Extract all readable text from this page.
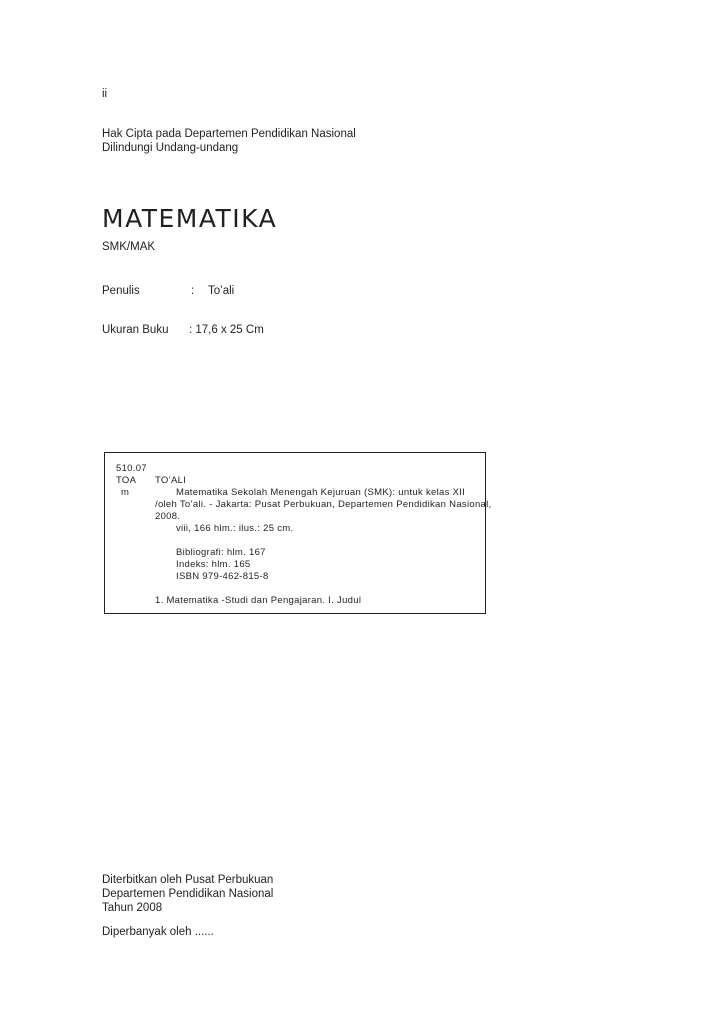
ii
Hak Cipta pada Departemen Pendidikan Nasional
Dilindungi Undang-undang
MATEMATIKA
SMK/MAK
Penulis	: To’ali
Ukuran Buku : 17,6 x 25 Cm
510.07
TOA
m
TO’ALI
Matematika Sekolah Menengah Kejuruan (SMK): untuk kelas XII
/oleh To’ali. - Jakarta: Pusat Perbukuan, Departemen Pendidikan Nasional,
2008.
viii, 166 hlm.: ilus.: 25 cm.
Bibliografi: hlm. 167
Indeks: hlm. 165
ISBN 979-462-815-8
1. Matematika -Studi dan Pengajaran. I. Judul
Diterbitkan oleh Pusat Perbukuan
Departemen Pendidikan Nasional
Tahun 2008
Diperbanyak oleh ......
